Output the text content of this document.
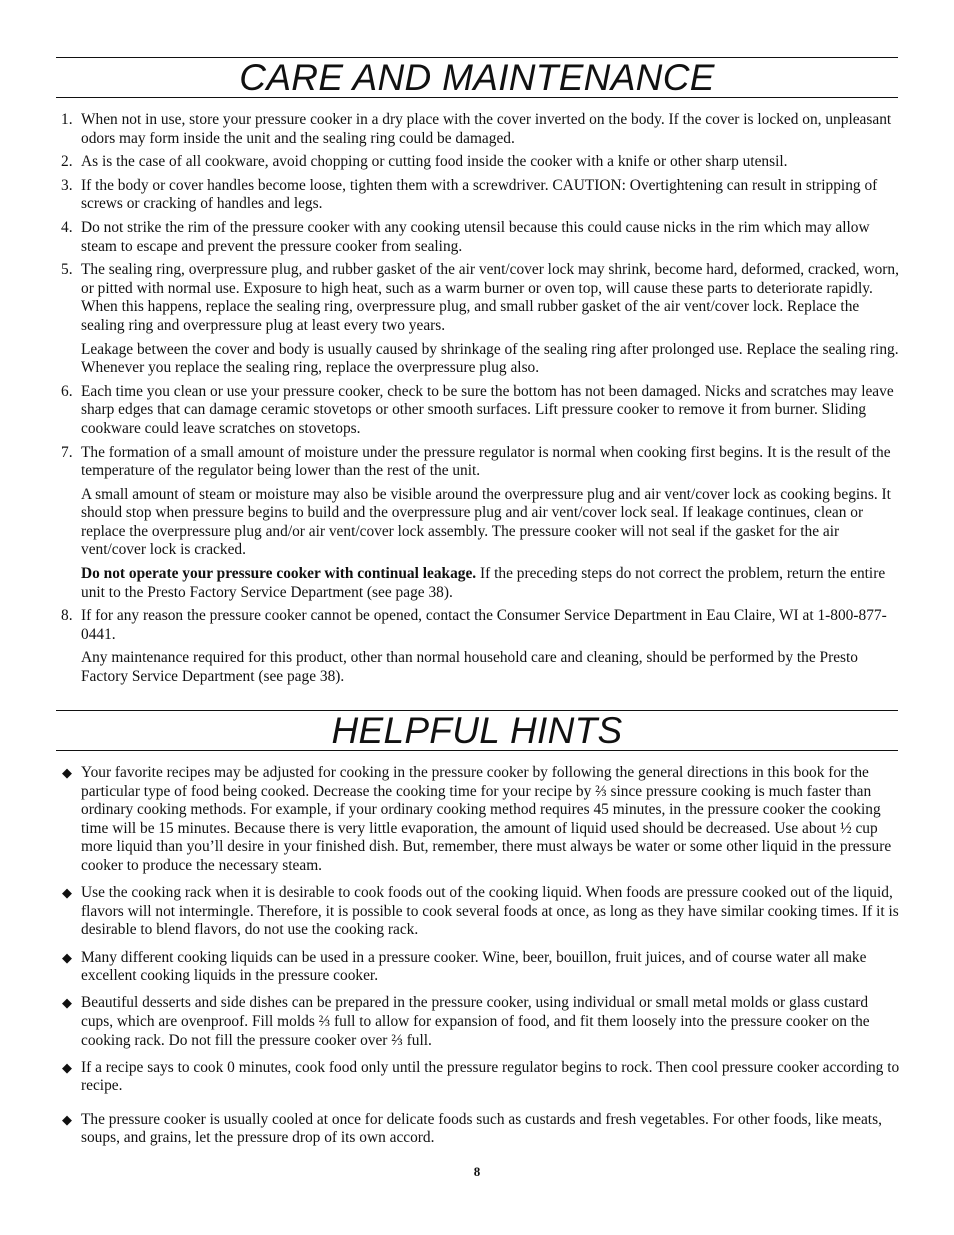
CARE AND MAINTENANCE
1. When not in use, store your pressure cooker in a dry place with the cover inverted on the body. If the cover is locked on, unpleasant odors may form inside the unit and the sealing ring could be damaged.

2. As is the case of all cookware, avoid chopping or cutting food inside the cooker with a knife or other sharp utensil.

3. If the body or cover handles become loose, tighten them with a screwdriver. CAUTION: Overtightening can result in stripping of screws or cracking of handles and legs.

4. Do not strike the rim of the pressure cooker with any cooking utensil because this could cause nicks in the rim which may allow steam to escape and prevent the pressure cooker from sealing.

5. The sealing ring, overpressure plug, and rubber gasket of the air vent/cover lock may shrink, become hard, deformed, cracked, worn, or pitted with normal use. Exposure to high heat, such as a warm burner or oven top, will cause these parts to deteriorate rapidly. When this happens, replace the sealing ring, overpressure plug, and small rubber gasket of the air vent/cover lock. Replace the sealing ring and overpressure plug at least every two years.

Leakage between the cover and body is usually caused by shrinkage of the sealing ring after prolonged use. Replace the sealing ring. Whenever you replace the sealing ring, replace the overpressure plug also.

6. Each time you clean or use your pressure cooker, check to be sure the bottom has not been damaged. Nicks and scratches may leave sharp edges that can damage ceramic stovetops or other smooth surfaces. Lift pressure cooker to remove it from burner. Sliding cookware could leave scratches on stovetops.

7. The formation of a small amount of moisture under the pressure regulator is normal when cooking first begins. It is the result of the temperature of the regulator being lower than the rest of the unit.

A small amount of steam or moisture may also be visible around the overpressure plug and air vent/cover lock as cooking begins. It should stop when pressure begins to build and the overpressure plug and air vent/cover lock seal. If leakage continues, clean or replace the overpressure plug and/or air vent/cover lock assembly. The pressure cooker will not seal if the gasket for the air vent/cover lock is cracked.

Do not operate your pressure cooker with continual leakage. If the preceding steps do not correct the problem, return the entire unit to the Presto Factory Service Department (see page 38).

8. If for any reason the pressure cooker cannot be opened, contact the Consumer Service Department in Eau Claire, WI at 1-800-877-0441.

Any maintenance required for this product, other than normal household care and cleaning, should be performed by the Presto Factory Service Department (see page 38).

HELPFUL HINTS
◆ Your favorite recipes may be adjusted for cooking in the pressure cooker by following the general directions in this book for the particular type of food being cooked. Decrease the cooking time for your recipe by ⅔ since pressure cooking is much faster than ordinary cooking methods. For example, if your ordinary cooking method requires 45 minutes, in the pressure cooker the cooking time will be 15 minutes. Because there is very little evaporation, the amount of liquid used should be decreased. Use about ½ cup more liquid than you’ll desire in your finished dish. But, remember, there must always be water or some other liquid in the pressure cooker to produce the necessary steam.

◆ Use the cooking rack when it is desirable to cook foods out of the cooking liquid. When foods are pressure cooked out of the liquid, flavors will not intermingle. Therefore, it is possible to cook several foods at once, as long as they have similar cooking times. If it is desirable to blend flavors, do not use the cooking rack.

◆ Many different cooking liquids can be used in a pressure cooker. Wine, beer, bouillon, fruit juices, and of course water all make excellent cooking liquids in the pressure cooker.

◆ Beautiful desserts and side dishes can be prepared in the pressure cooker, using individual or small metal molds or glass custard cups, which are ovenproof. Fill molds ⅔ full to allow for expansion of food, and fit them loosely into the pressure cooker on the cooking rack. Do not fill the pressure cooker over ⅔ full.

◆ If a recipe says to cook 0 minutes, cook food only until the pressure regulator begins to rock. Then cool pressure cooker according to recipe.

◆ The pressure cooker is usually cooled at once for delicate foods such as custards and fresh vegetables. For other foods, like meats, soups, and grains, let the pressure drop of its own accord.

8
